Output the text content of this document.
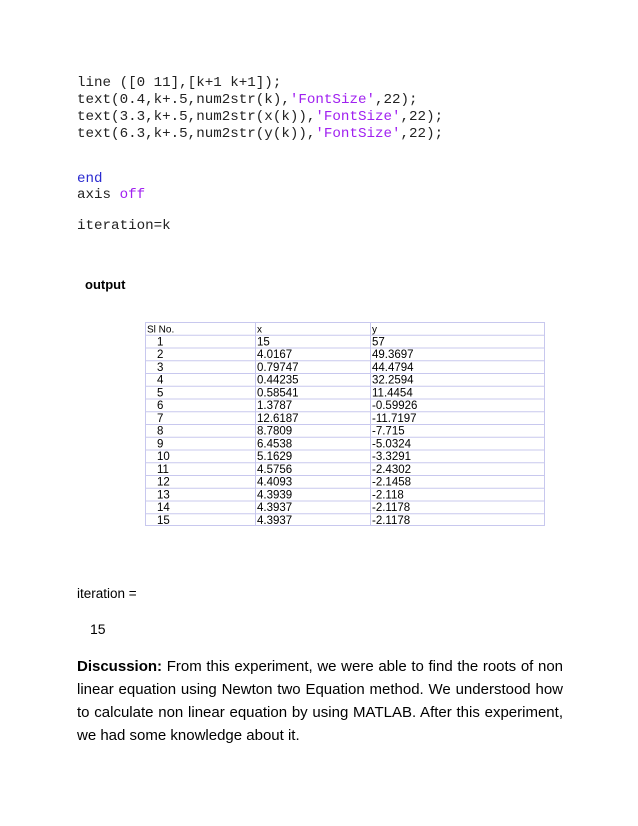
line ([0 11],[k+1 k+1]);
text(0.4,k+.5,num2str(k),'FontSize',22);
text(3.3,k+.5,num2str(x(k)),'FontSize',22);
text(6.3,k+.5,num2str(y(k)),'FontSize',22);
end
axis off
iteration=k
output
Sl No.	x	y
1	15	57
2	4.0167	49.3697
3	0.79747	44.4794
4	0.44235	32.2594
5	0.58541	11.4454
6	1.3787	-0.59926
7	12.6187	-11.7197
8	8.7809	-7.715
9	6.4538	-5.0324
10	5.1629	-3.3291
11	4.5756	-2.4302
12	4.4093	-2.1458
13	4.3939	-2.118
14	4.3937	-2.1178
15	4.3937	-2.1178
iteration =
15
Discussion: From this experiment, we were able to find the roots of non linear equation using Newton two Equation method. We understood how to calculate non linear equation by using MATLAB. After this experiment, we had some knowledge about it.
